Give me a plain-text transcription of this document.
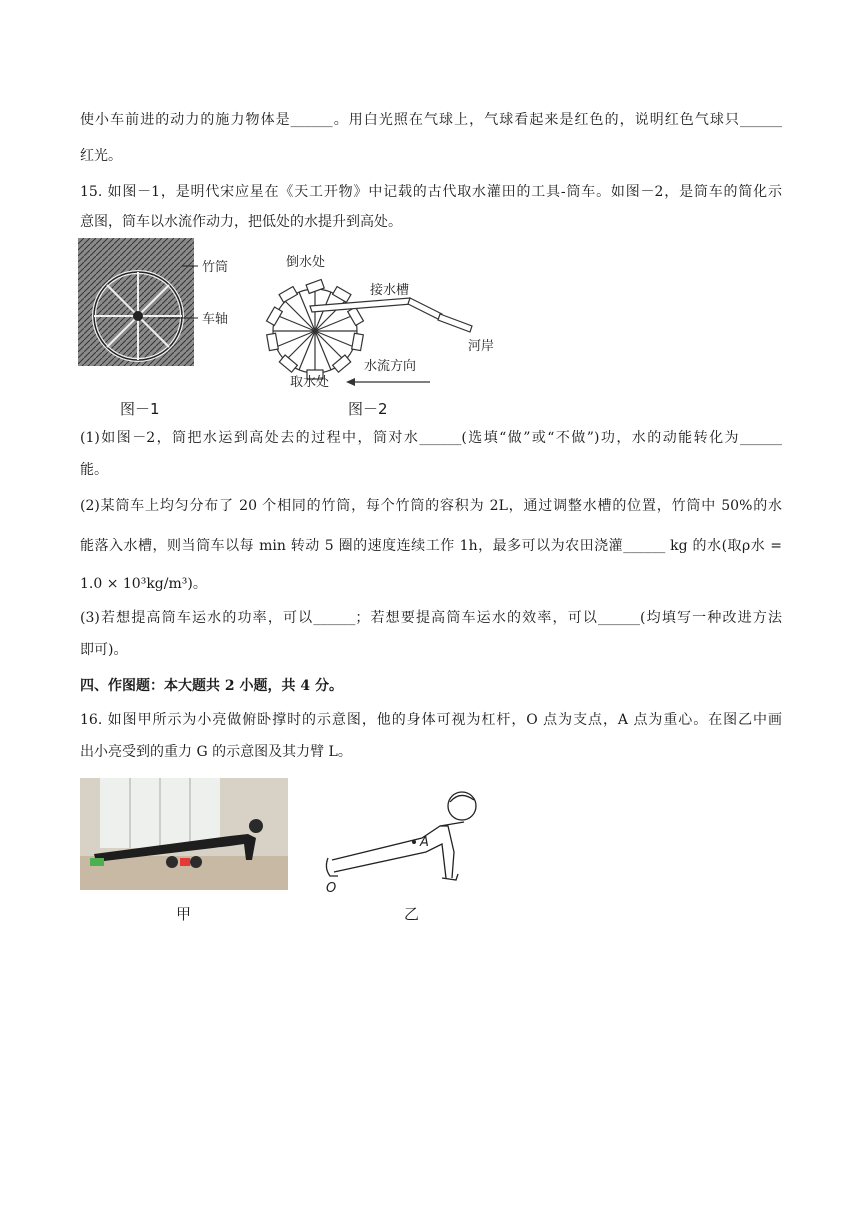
使小车前进的动力的施力物体是______。用白光照在气球上，气球看起来是红色的，说明红色气球只______
红光。
15. 如图－1，是明代宋应星在《天工开物》中记载的古代取水灌田的工具-筒车。如图－2，是筒车的简化示
意图，筒车以水流作动力，把低处的水提升到高处。
竹筒
车轴
图－1
倒水处
接水槽
河岸
水流方向
取水处
图－2
(1)如图－2，筒把水运到高处去的过程中，筒对水______(选填“做”或“不做”)功，水的动能转化为______
能。
(2)某筒车上均匀分布了 20 个相同的竹筒，每个竹筒的容积为 2L，通过调整水槽的位置，竹筒中 50%的水
能落入水槽，则当筒车以每 min 转动 5 圈的速度连续工作 1h，最多可以为农田浇灌______ kg 的水(取ρ水 =
1.0 × 10³kg/m³)。
(3)若想提高筒车运水的功率，可以______；若想要提高筒车运水的效率，可以______(均填写一种改进方法
即可)。
四、作图题：本大题共 2 小题，共 4 分。
16. 如图甲所示为小亮做俯卧撑时的示意图，他的身体可视为杠杆，O 点为支点，A 点为重心。在图乙中画
出小亮受到的重力 G 的示意图及其力臂 L。
甲
A
O
乙
